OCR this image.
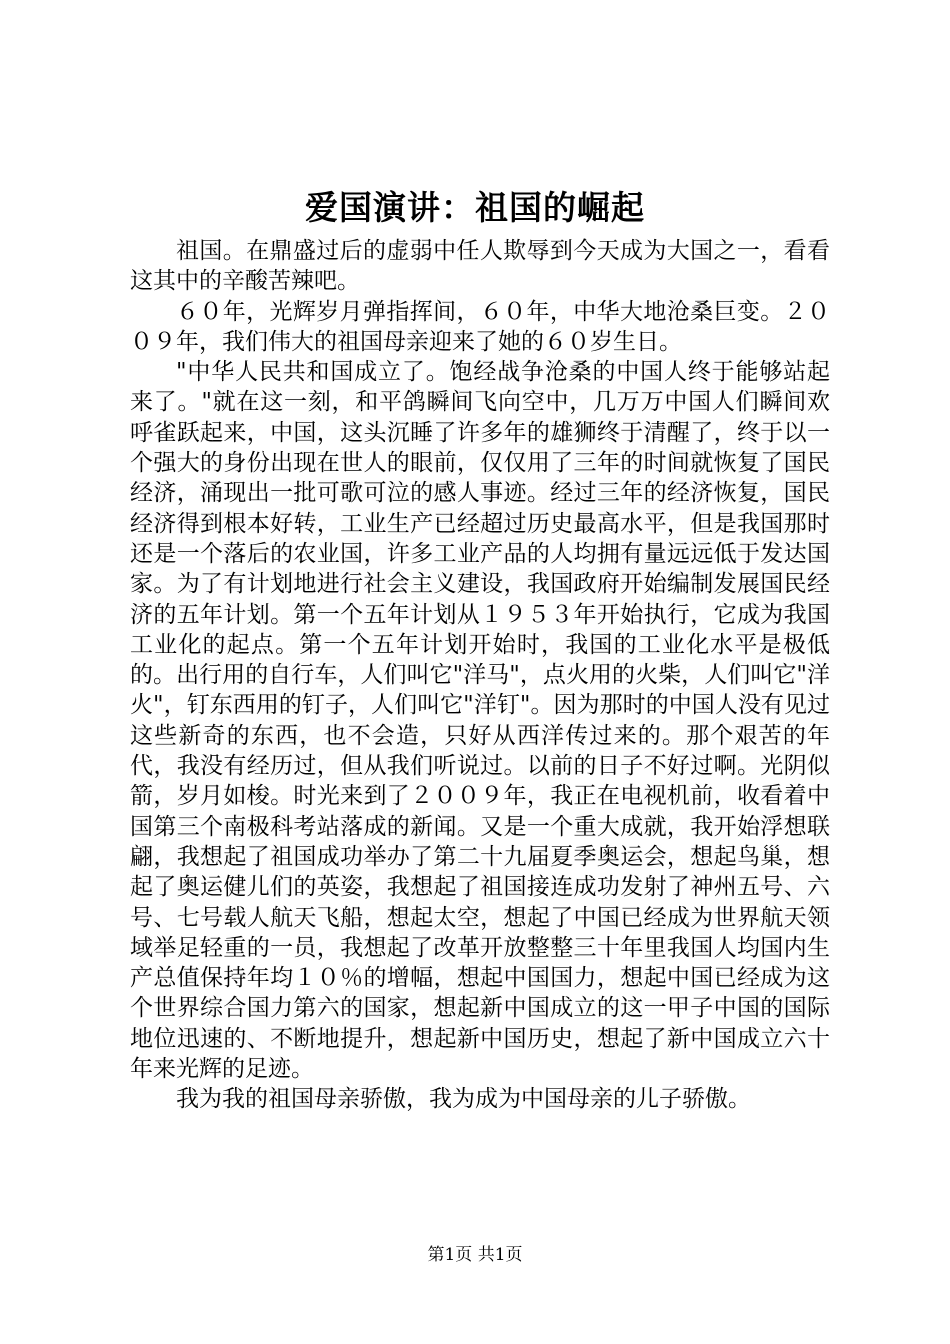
爱国演讲：祖国的崛起

祖国。在鼎盛过后的虚弱中任人欺辱到今天成为大国之一，看看这其中的辛酸苦辣吧。

６０年，光辉岁月弹指挥间，６０年，中华大地沧桑巨变。２００９年，我们伟大的祖国母亲迎来了她的６０岁生日。

"中华人民共和国成立了。饱经战争沧桑的中国人终于能够站起来了。"就在这一刻，和平鸽瞬间飞向空中，几万万中国人们瞬间欢呼雀跃起来，中国，这头沉睡了许多年的雄狮终于清醒了，终于以一个强大的身份出现在世人的眼前，仅仅用了三年的时间就恢复了国民经济，涌现出一批可歌可泣的感人事迹。经过三年的经济恢复，国民经济得到根本好转，工业生产已经超过历史最高水平，但是我国那时还是一个落后的农业国，许多工业产品的人均拥有量远远低于发达国家。为了有计划地进行社会主义建设，我国政府开始编制发展国民经济的五年计划。第一个五年计划从１９５３年开始执行，它成为我国工业化的起点。第一个五年计划开始时，我国的工业化水平是极低的。出行用的自行车，人们叫它"洋马"，点火用的火柴，人们叫它"洋火"，钉东西用的钉子，人们叫它"洋钉"。因为那时的中国人没有见过这些新奇的东西，也不会造，只好从西洋传过来的。那个艰苦的年代，我没有经历过，但从我们听说过。以前的日子不好过啊。光阴似箭，岁月如梭。时光来到了２００９年，我正在电视机前，收看着中国第三个南极科考站落成的新闻。又是一个重大成就，我开始浮想联翩，我想起了祖国成功举办了第二十九届夏季奥运会，想起鸟巢，想起了奥运健儿们的英姿，我想起了祖国接连成功发射了神州五号、六号、七号载人航天飞船，想起太空，想起了中国已经成为世界航天领域举足轻重的一员，我想起了改革开放整整三十年里我国人均国内生产总值保持年均１０％的增幅，想起中国国力，想起中国已经成为这个世界综合国力第六的国家，想起新中国成立的这一甲子中国的国际地位迅速的、不断地提升，想起新中国历史，想起了新中国成立六十年来光辉的足迹。

我为我的祖国母亲骄傲，我为成为中国母亲的儿子骄傲。

第1页 共1页
